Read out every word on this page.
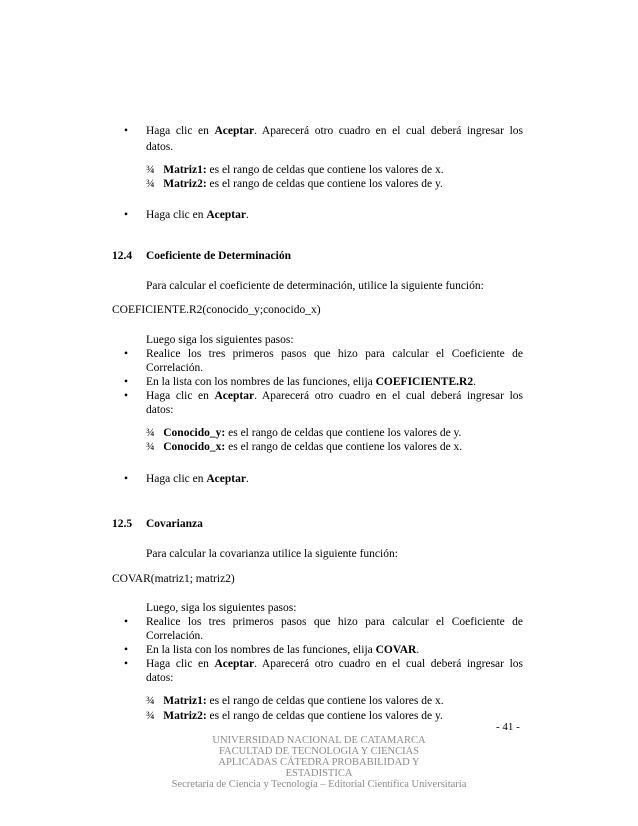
• Haga clic en Aceptar. Aparecerá otro cuadro en el cual deberá ingresar los
datos.
¾ Matriz1: es el rango de celdas que contiene los valores de x.
¾ Matriz2: es el rango de celdas que contiene los valores de y.
• Haga clic en Aceptar.
12.4 Coeficiente de Determinación
Para calcular el coeficiente de determinación, utilice la siguiente función:
COEFICIENTE.R2(conocido_y;conocido_x)
Luego siga los siguientes pasos:
• Realice los tres primeros pasos que hizo para calcular el Coeficiente de
Correlación.
• En la lista con los nombres de las funciones, elija COEFICIENTE.R2.
• Haga clic en Aceptar. Aparecerá otro cuadro en el cual deberá ingresar los
datos:
¾ Conocido_y: es el rango de celdas que contiene los valores de y.
¾ Conocido_x: es el rango de celdas que contiene los valores de x.
• Haga clic en Aceptar.
12.5 Covarianza
Para calcular la covarianza utilice la siguiente función:
COVAR(matriz1; matriz2)
Luego, siga los siguientes pasos:
• Realice los tres primeros pasos que hizo para calcular el Coeficiente de
Correlación.
• En la lista con los nombres de las funciones, elija COVAR.
• Haga clic en Aceptar. Aparecerá otro cuadro en el cual deberá ingresar los
datos:
¾ Matriz1: es el rango de celdas que contiene los valores de x.
¾ Matriz2: es el rango de celdas que contiene los valores de y.
- 41 -
UNIVERSIDAD NACIONAL DE CATAMARCA
FACULTAD DE TECNOLOGIA Y CIENCIAS
APLICADAS CÁTEDRA PROBABILIDAD Y
ESTADISTICA
Secretaría de Ciencia y Tecnología – Editorial Científica Universitaria
